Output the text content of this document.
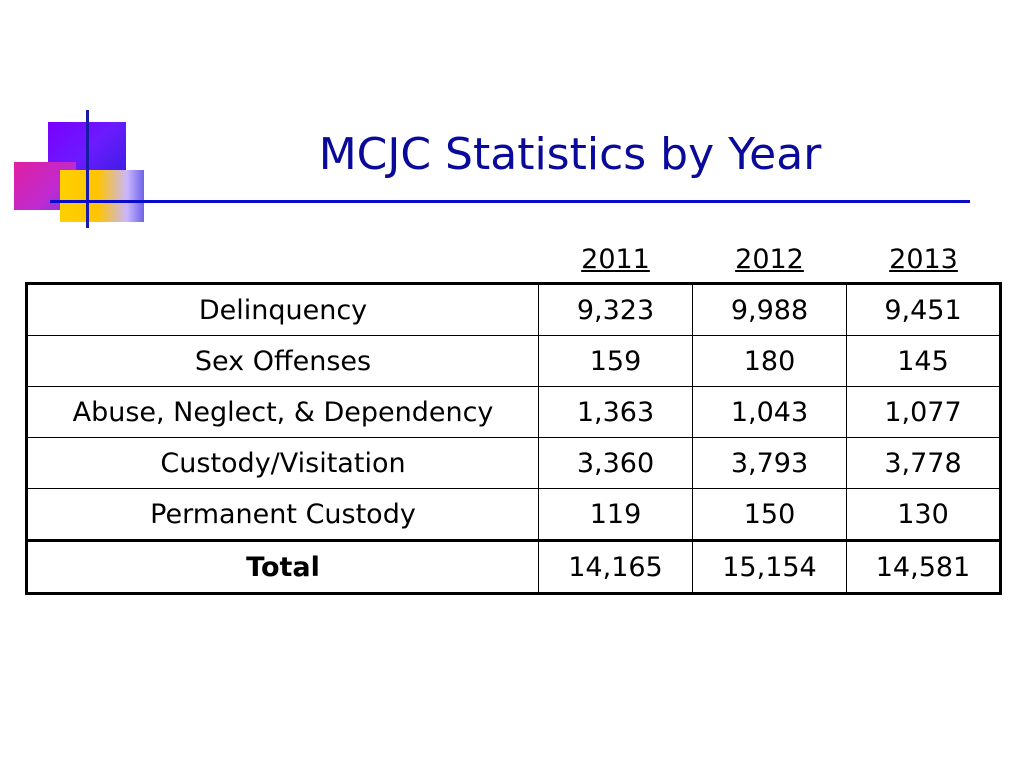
MCJC Statistics by Year
	2011	2012	2013
Delinquency	9,323	9,988	9,451
Sex Offenses	159	180	145
Abuse, Neglect, & Dependency	1,363	1,043	1,077
Custody/Visitation	3,360	3,793	3,778
Permanent Custody	119	150	130
Total	14,165	15,154	14,581
